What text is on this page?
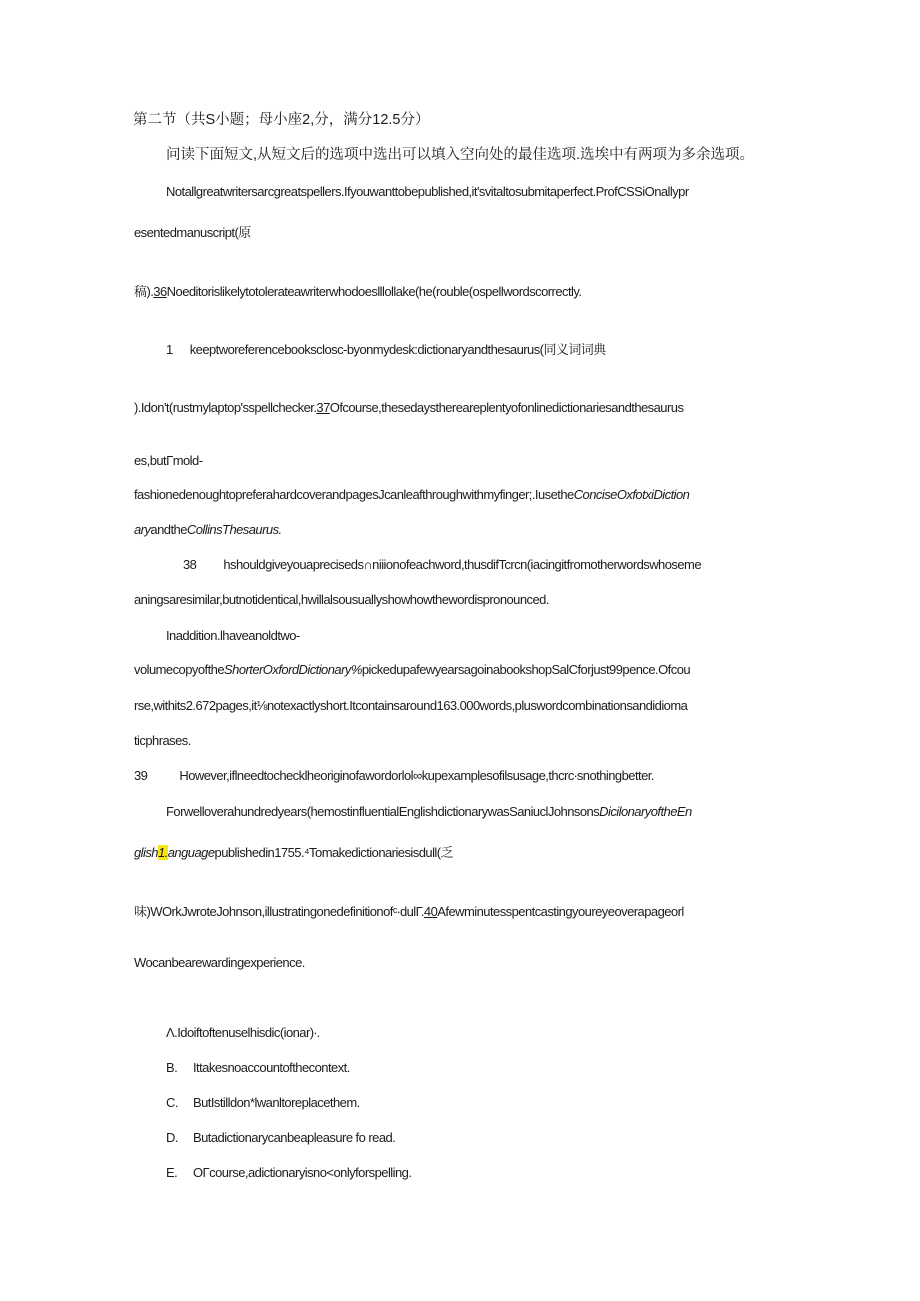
第二节（共S小题；母小座2,分，满分12.5分）

问读下面短文,从短文后的选项中选出可以填入空向处的最佳选项.选埃中有两项为多余选项。

Notallgreatwritersarcgreatspellers.Ifyouwanttobepublished,it'svitaltosubmitaperfect.ProfCSSiOnallypr

esentedmanuscript(原

稿).36Noeditorislikelytotolerateawriterwhodoeslllollake(he(rouble(ospellwordscorrectly.

1 keeptworeferencebooksclosc-byonmydesk:dictionaryandthesaurus(同义词词典

).Idon't(rustmylaptop'sspellchecker.37Ofcourse,thesedaysthereareplentyofonlinedictionariesandthesaurus

es,butΓmold-

fashionedenoughtopreferahardcoverandpagesJcanleafthroughwithmyfinger;.IusetheConciseOxfotxiDiction

aryandtheCollinsThesaurus.

38 hshouldgiveyouapreciseds∩niiionofeachword,thusdifTcrcn(iacingitfromotherwordswhoseme

aningsaresimilar,butnotidentical,hwillalsousuallyshowhowthewordispronounced.

Inaddition.lhaveanoldtwo-

volumecopyoftheShorterOxfordDictionary%pickedupafewyearsagoinabookshopSalCforjust99pence.Ofcou

rse,withits2.672pages,it⅛notexactlyshort.Itcontainsaround163.000words,pluswordcombinationsandidioma

ticphrases.

39 However,iflneedtochecklheoriginofawordorlol∞kupexamplesofilsusage,thcrc∙snothingbetter.

Forwelloverahundredyears(hemostinfluentialEnglishdictionarywasSaniuclJohnsonsDicilonaryoftheEn

glish1.anguagepublishedin1755.⁴Tomakedictionariesisdull(乏

味)WOrkJwroteJohnson,illustratingonedefinitionofᶜ∙dulΓ.40Afewminutesspentcastingyoureyeoverapageorl

Wocanbearewardingexperience.

Λ.Idoiftoftenuselhisdic(ionar)∙.

B. Ittakesnoaccountofthecontext.

C. ButIstilldon*lwanltoreplacethem.

D. Butadictionarycanbeapleasure fo read.

E. OΓcourse,adictionaryisno<onlyforspelling.
